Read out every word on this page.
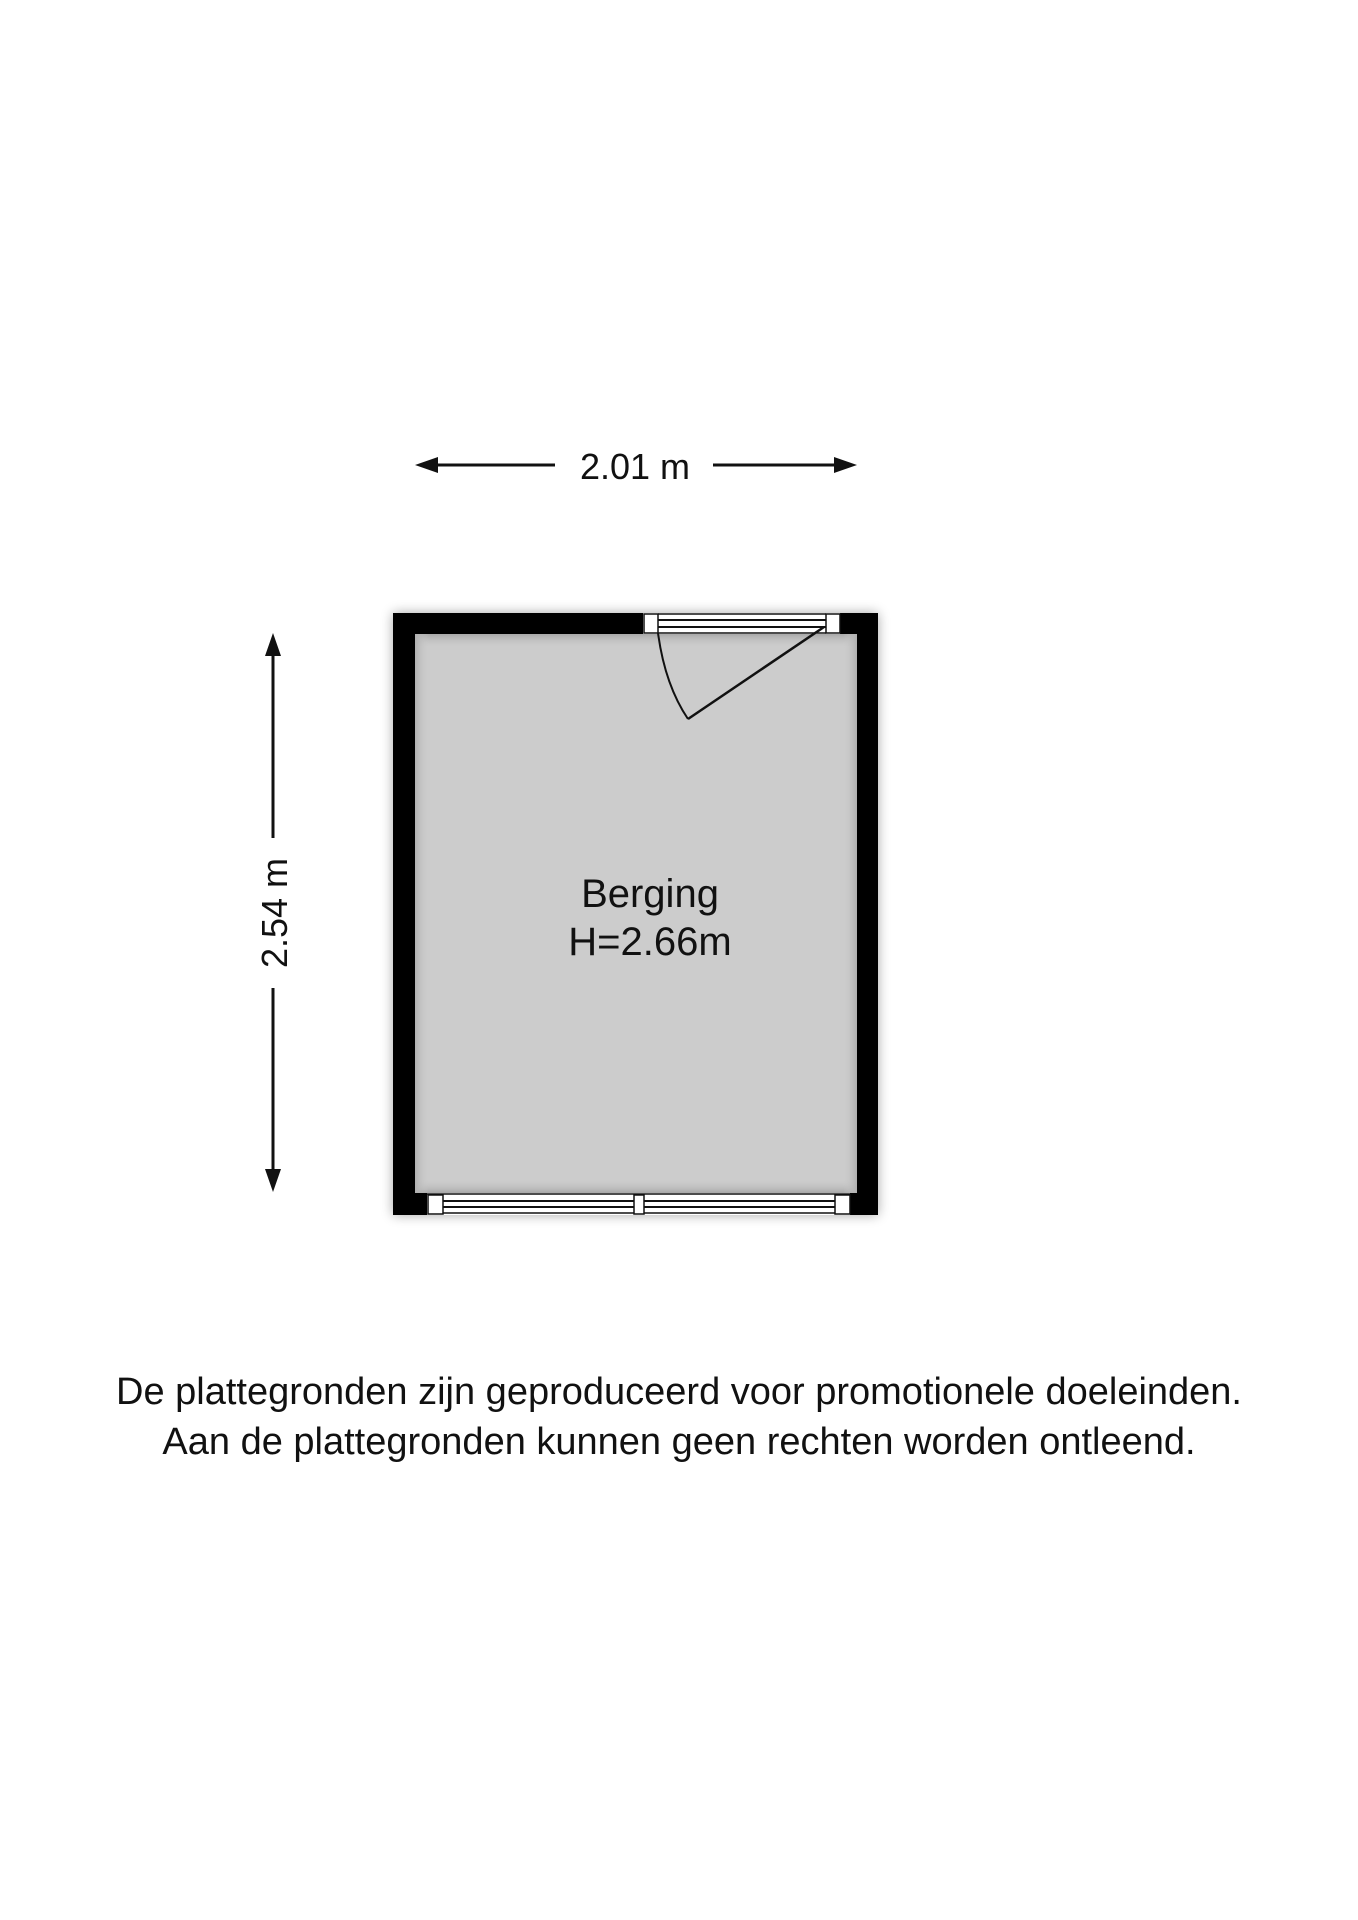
2.01 m
2.54 m	Berging
H=2.66m
De plattegronden zijn geproduceerd voor promotionele doeleinden.
Aan de plattegronden kunnen geen rechten worden ontleend.
